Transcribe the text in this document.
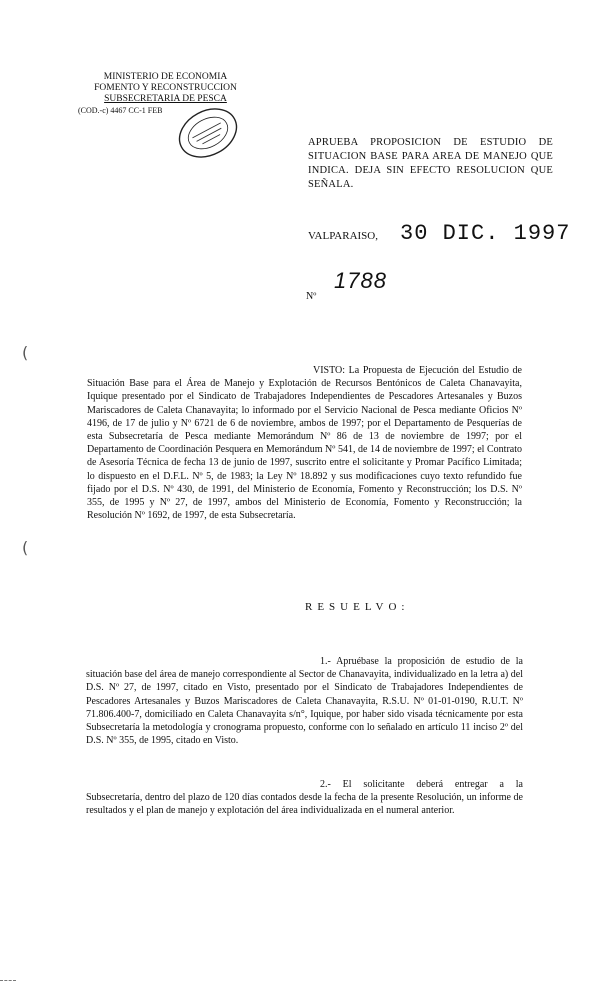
MINISTERIO DE ECONOMIA
FOMENTO Y RECONSTRUCCION
SUBSECRETARIA DE PESCA
(COD.-c) 4467 CC-1 FEB
APRUEBA PROPOSICION DE ESTUDIO DE SITUACION BASE PARA AREA DE MANEJO QUE INDICA. DEJA SIN EFECTO RESOLUCION QUE SEÑALA.
VALPARAISO, 30 DIC. 1997
Nº
1788
(
(
VISTO: La Propuesta de Ejecución del Estudio de Situación Base para el Área de Manejo y Explotación de Recursos Bentónicos de Caleta Chanavayita, Iquique presentado por el Sindicato de Trabajadores Independientes de Pescadores Artesanales y Buzos Mariscadores de Caleta Chanavayita; lo informado por el Servicio Nacional de Pesca mediante Oficios Nº 4196, de 17 de julio y Nº 6721 de 6 de noviembre, ambos de 1997; por el Departamento de Pesquerías de esta Subsecretaría de Pesca mediante Memorándum Nº 86 de 13 de noviembre de 1997; por el Departamento de Coordinación Pesquera en Memorándum Nº 541, de 14 de noviembre de 1997; el Contrato de Asesoría Técnica de fecha 13 de junio de 1997, suscrito entre el solicitante y Promar Pacífico Limitada; lo dispuesto en el D.F.L. Nº 5, de 1983; la Ley Nº 18.892 y sus modificaciones cuyo texto refundido fue fijado por el D.S. Nº 430, de 1991, del Ministerio de Economía, Fomento y Reconstrucción; los D.S. Nº 355, de 1995 y Nº 27, de 1997, ambos del Ministerio de Economía, Fomento y Reconstrucción; la Resolución Nº 1692, de 1997, de esta Subsecretaría.
RESUELVO:
1.- Apruébase la proposición de estudio de la situación base del área de manejo correspondiente al Sector de Chanavayita, individualizado en la letra a) del D.S. Nº 27, de 1997, citado en Visto, presentado por el Sindicato de Trabajadores Independientes de Pescadores Artesanales y Buzos Mariscadores de Caleta Chanavayita, R.S.U. Nº 01-01-0190, R.U.T. Nº 71.806.400-7, domiciliado en Caleta Chanavayita s/n°, Iquique, por haber sido visada técnicamente por esta Subsecretaría la metodología y cronograma propuesto, conforme con lo señalado en artículo 11 inciso 2º del D.S. Nº 355, de 1995, citado en Visto.
2.- El solicitante deberá entregar a la Subsecretaría, dentro del plazo de 120 días contados desde la fecha de la presente Resolución, un informe de resultados y el plan de manejo y explotación del área individualizada en el numeral anterior.
